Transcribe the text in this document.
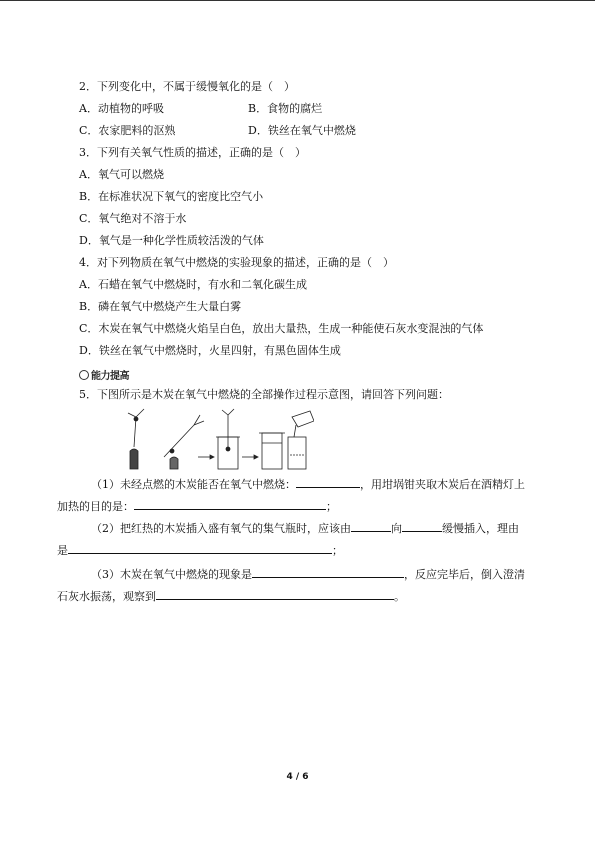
2．下列变化中，不属于缓慢氧化的是（　）
A．动植物的呼吸	B．食物的腐烂
C．农家肥料的沤熟	D．铁丝在氧气中燃烧
3．下列有关氧气性质的描述，正确的是（　）
A．氧气可以燃烧
B．在标准状况下氧气的密度比空气小
C．氧气绝对不溶于水
D．氧气是一种化学性质较活泼的气体
4．对下列物质在氧气中燃烧的实验现象的描述，正确的是（　）
A．石蜡在氧气中燃烧时，有水和二氧化碳生成
B．磷在氧气中燃烧产生大量白雾
C．木炭在氧气中燃烧火焰呈白色，放出大量热，生成一种能使石灰水变混浊的气体
D．铁丝在氧气中燃烧时，火星四射，有黑色固体生成
能力提高
5．下图所示是木炭在氧气中燃烧的全部操作过程示意图，请回答下列问题：
（1）未经点燃的木炭能否在氧气中燃烧：	，用坩埚钳夹取木炭后在酒精灯上
加热的目的是：	；
（2）把红热的木炭插入盛有氧气的集气瓶时，应该由	向	缓慢插入，理由
是	；
（3）木炭在氧气中燃烧的现象是	，反应完毕后，倒入澄清
石灰水振荡，观察到	。
4 / 6
